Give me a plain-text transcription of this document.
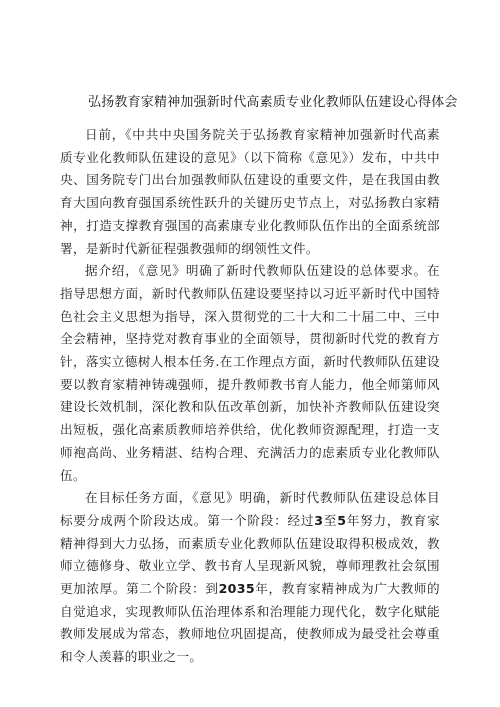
弘扬教育家精神加强新时代高素质专业化教师队伍建设心得体会

日前，《中共中央国务院关于弘扬教育家精神加强新时代高素质专业化教师队伍建设的意见》（以下简称《意见》）发布，中共中央、国务院专门出台加强教师队伍建设的重要文件，是在我国由教育大国向教育强国系统性跃升的关键历史节点上，对弘扬教白家精神，打造支撑教育强国的高素康专业化教师队伍作出的全面系统部署，是新时代新征程强教强师的纲领性文件。

据介绍，《意见》明确了新时代教师队伍建设的总体要求。在指导思想方面，新时代教师队伍建设要坚持以习近平新时代中国特色社会主义思想为指导，深入贯彻党的二十大和二十届二中、三中全会精神，坚持党对教育事业的全面领导，贯彻新时代党的教育方针，落实立德树人根本任务.在工作理点方面，新时代教师队伍建设要以教育家精神铸魂强师，提升教师教书育人能力，他全师第师风建设长效机制，深化教和队伍改革创新，加快补齐教师队伍建设突出短板，强化高素质教师培养供给，优化教师资源配理，打造一支师袍高尚、业务精湛、结构合理、充满活力的虑素质专业化教师队伍。

在目标任务方面，《意见》明确，新时代教师队伍建设总体目标要分成两个阶段达成。第一个阶段：经过3至5年努力，教育家精神得到大力弘扬，而素质专业化教师队伍建设取得积极成效，教师立德修身、敬业立学、教书育人呈现新风貌，尊师理教社会氛围更加浓厚。第二个阶段：到2035年，教育家精神成为广大教师的自觉追求，实现教师队伍治理体系和治理能力现代化，数字化赋能教师发展成为常态，教师地位巩固提高，使教师成为最受社会尊重和令人羡暮的职业之一。
